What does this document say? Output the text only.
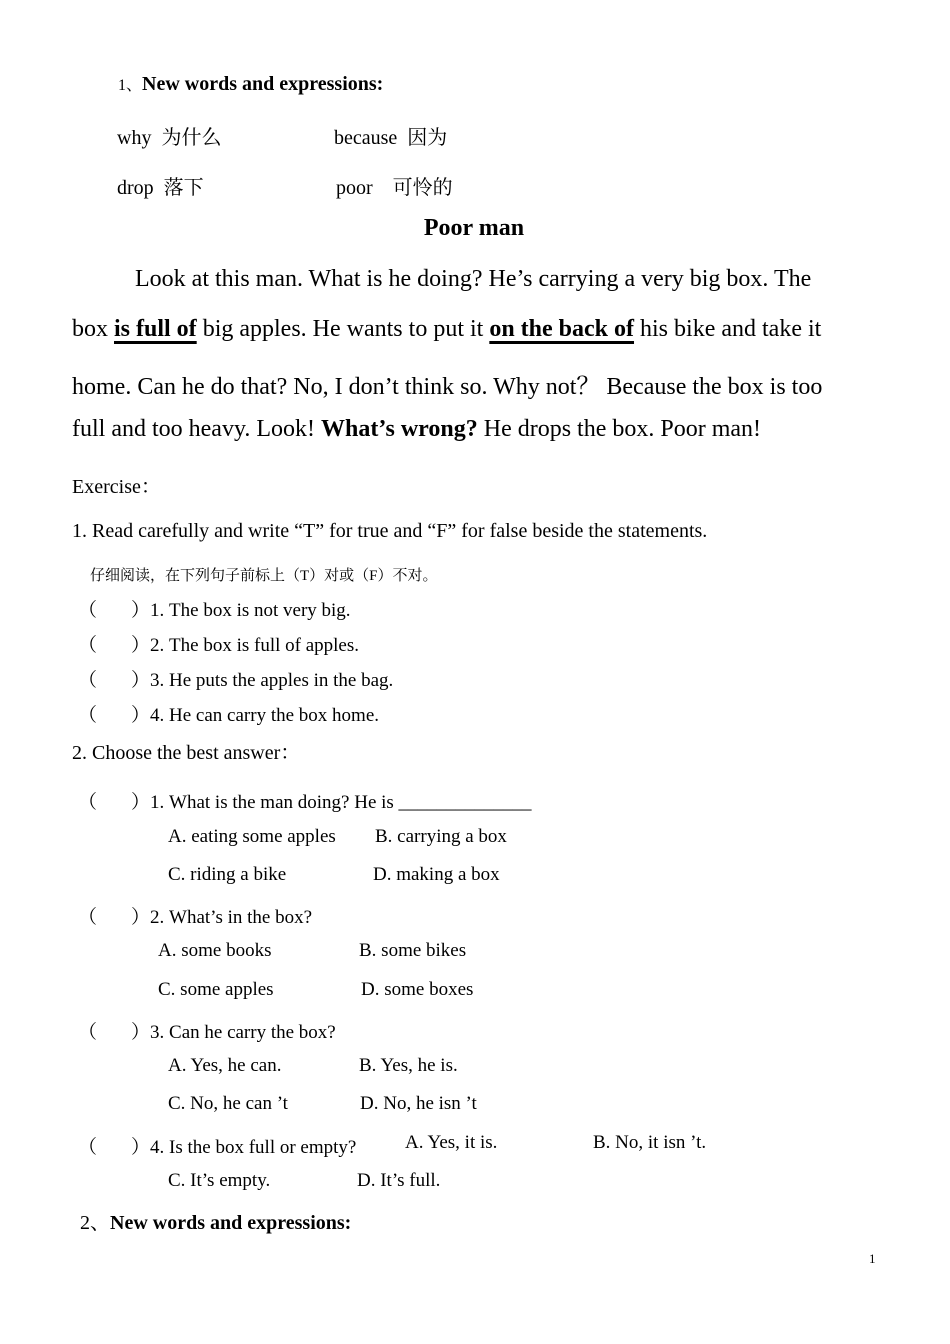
1、New words and expressions:
why 为什么	because 因为
drop 落下	poor 可怜的
Poor man
Look at this man. What is he doing? He’s carrying a very big box. The
box is full of big apples. He wants to put it on the back of his bike and take it
home. Can he do that? No, I don’t think so. Why not？ Because the box is too
full and too heavy. Look! What’s wrong? He drops the box. Poor man!
Exercise：
1. Read carefully and write “T” for true and “F” for false beside the statements.
仔细阅读，在下列句子前标上（T）对或（F）不对。
（ ）1. The box is not very big.
（ ）2. The box is full of apples.
（ ）3. He puts the apples in the bag.
（ ）4. He can carry the box home.
2. Choose the best answer：
（ ）1. What is the man doing? He is ______________
A. eating some apples B. carrying a box
C. riding a bike	D. making a box
（ ）2. What’s in the box?
A. some books	B. some bikes
C. some apples	D. some boxes
（ ）3. Can he carry the box?
A. Yes, he can.	B. Yes, he is.
C. No, he can ’t	D. No, he isn ’t
（ ）4. Is the box full or empty?	A. Yes, it is.	B. No, it isn ’t.
C. It’s empty.	D. It’s full.
2、New words and expressions:
1
